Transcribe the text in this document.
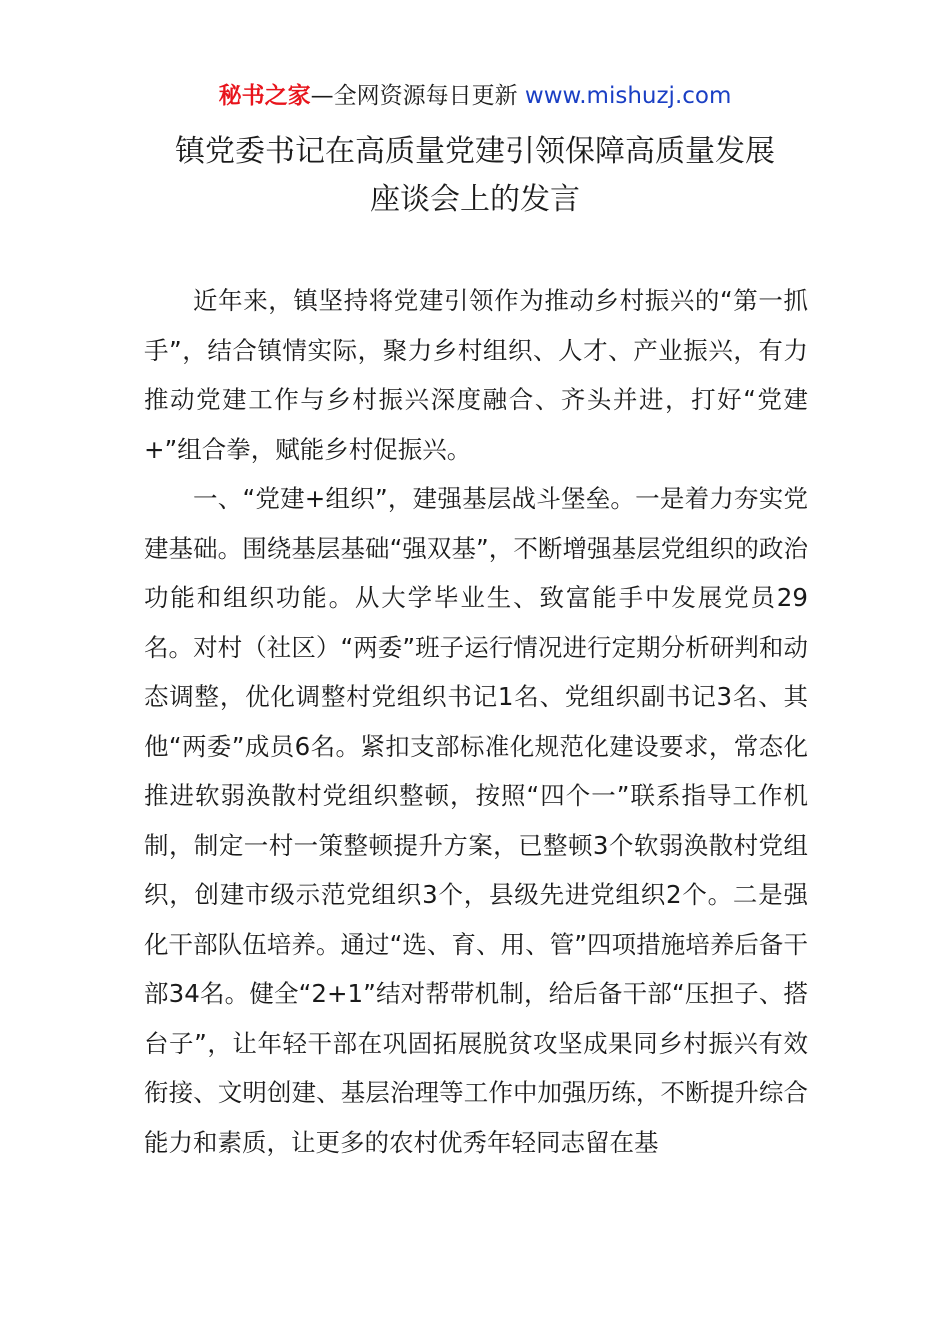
秘书之家—全网资源每日更新 www.mishuzj.com
镇党委书记在高质量党建引领保障高质量发展
座谈会上的发言

近年来，镇坚持将党建引领作为推动乡村振兴的“第一抓手”，结合镇情实际，聚力乡村组织、人才、产业振兴，有力推动党建工作与乡村振兴深度融合、齐头并进，打好“党建+”组合拳，赋能乡村促振兴。

一、“党建+组织”，建强基层战斗堡垒。一是着力夯实党建基础。围绕基层基础“强双基”，不断增强基层党组织的政治功能和组织功能。从大学毕业生、致富能手中发展党员29名。对村（社区）“两委”班子运行情况进行定期分析研判和动态调整，优化调整村党组织书记1名、党组织副书记3名、其他“两委”成员6名。紧扣支部标准化规范化建设要求，常态化推进软弱涣散村党组织整顿，按照“四个一”联系指导工作机制，制定一村一策整顿提升方案，已整顿3个软弱涣散村党组织，创建市级示范党组织3个，县级先进党组织2个。二是强化干部队伍培养。通过“选、育、用、管”四项措施培养后备干部34名。健全“2+1”结对帮带机制，给后备干部“压担子、搭台子”，让年轻干部在巩固拓展脱贫攻坚成果同乡村振兴有效衔接、文明创建、基层治理等工作中加强历练，不断提升综合能力和素质，让更多的农村优秀年轻同志留在基
